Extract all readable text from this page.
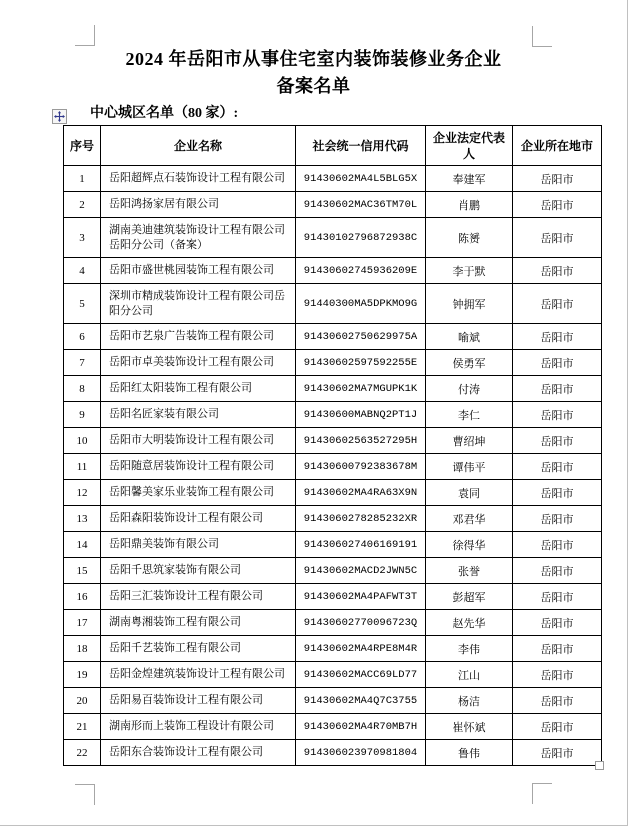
2024 年岳阳市从事住宅室内装饰装修业务企业
备案名单
中心城区名单（80 家）:
序号	企业名称	社会统一信用代码	企业法定代表人	企业所在地市
1	岳阳超辉点石装饰设计工程有限公司	91430602MA4L5BLG5X	奉建军	岳阳市
2	岳阳鸿扬家居有限公司	91430602MAC36TM70L	肖鹏	岳阳市
3	湖南美迪建筑装饰设计工程有限公司岳阳分公司（备案）	91430102796872938C	陈赟	岳阳市
4	岳阳市盛世桃园装饰工程有限公司	91430602745936209E	李于默	岳阳市
5	深圳市精成装饰设计工程有限公司岳阳分公司	91440300MA5DPKMO9G	钟拥军	岳阳市
6	岳阳市艺泉广告装饰工程有限公司	91430602750629975A	喻斌	岳阳市
7	岳阳市卓美装饰设计工程有限公司	91430602597592255E	侯勇军	岳阳市
8	岳阳红太阳装饰工程有限公司	91430602MA7MGUPK1K	付涛	岳阳市
9	岳阳名匠家装有限公司	91430600MABNQ2PT1J	李仁	岳阳市
10	岳阳市大明装饰设计工程有限公司	91430602563527295H	曹绍坤	岳阳市
11	岳阳随意居装饰设计工程有限公司	91430600792383678M	谭伟平	岳阳市
12	岳阳馨美家乐业装饰工程有限公司	91430602MA4RA63X9N	袁同	岳阳市
13	岳阳森阳装饰设计工程有限公司	9143060278285232XR	邓君华	岳阳市
14	岳阳鼎美装饰有限公司	914306027406169191	徐得华	岳阳市
15	岳阳千思筑家装饰有限公司	91430602MACD2JWN5C	张誉	岳阳市
16	岳阳三汇装饰设计工程有限公司	91430602MA4PAFWT3T	彭超军	岳阳市
17	湖南粤湘装饰工程有限公司	91430602770096723Q	赵先华	岳阳市
18	岳阳千艺装饰工程有限公司	91430602MA4RPE8M4R	李伟	岳阳市
19	岳阳金煌建筑装饰设计工程有限公司	91430602MACC69LD77	江山	岳阳市
20	岳阳易百装饰设计工程有限公司	91430602MA4Q7C3755	杨洁	岳阳市
21	湖南形而上装饰工程设计有限公司	91430602MA4R70MB7H	崔怀斌	岳阳市
22	岳阳东合装饰设计工程有限公司	914306023970981804	鲁伟	岳阳市
